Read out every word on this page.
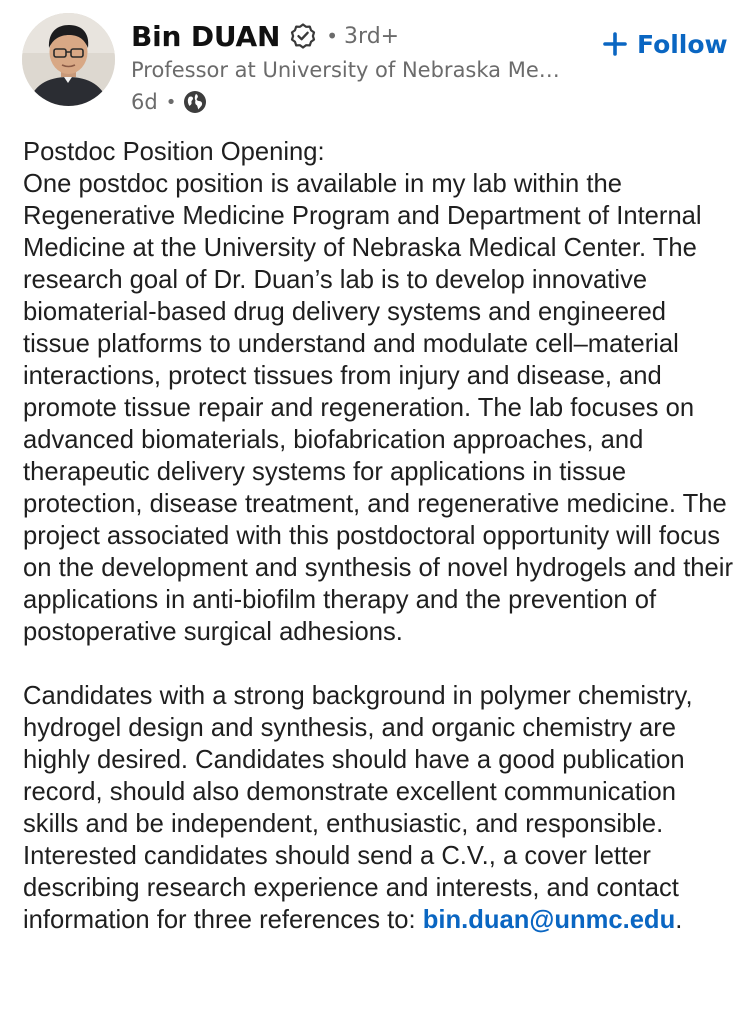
Bin DUAN • 3rd+
Professor at University of Nebraska Me…
6d •
Follow

Postdoc Position Opening:

One postdoc position is available in my lab within the Regenerative Medicine Program and Department of Internal Medicine at the University of Nebraska Medical Center. The research goal of Dr. Duan’s lab is to develop innovative biomaterial-based drug delivery systems and engineered tissue platforms to understand and modulate cell–material interactions, protect tissues from injury and disease, and promote tissue repair and regeneration. The lab focuses on advanced biomaterials, biofabrication approaches, and therapeutic delivery systems for applications in tissue protection, disease treatment, and regenerative medicine. The project associated with this postdoctoral opportunity will focus on the development and synthesis of novel hydrogels and their applications in anti-biofilm therapy and the prevention of postoperative surgical adhesions.

Candidates with a strong background in polymer chemistry, hydrogel design and synthesis, and organic chemistry are highly desired. Candidates should have a good publication record, should also demonstrate excellent communication skills and be independent, enthusiastic, and responsible. Interested candidates should send a C.V., a cover letter describing research experience and interests, and contact information for three references to: bin.duan@unmc.edu.
